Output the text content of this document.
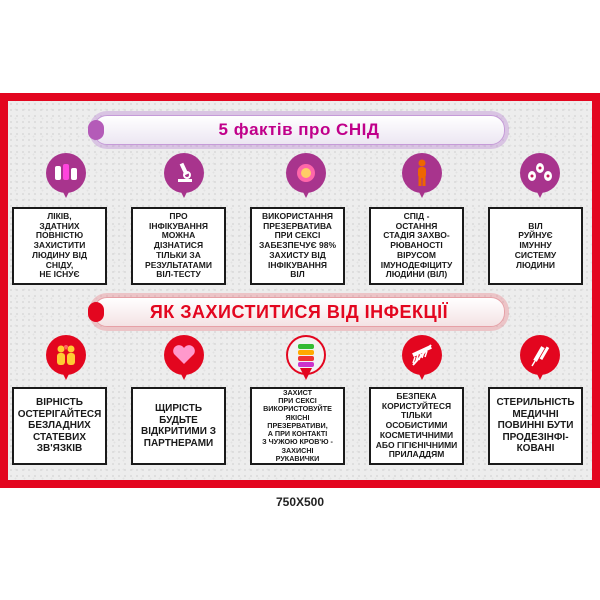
5 фактів про СНІД
ЛІКІВ,
ЗДАТНИХ
ПОВНІСТЮ
ЗАХИСТИТИ
ЛЮДИНУ ВІД
СНІДУ,
НЕ ІСНУЄ
ПРО
ІНФІКУВАННЯ
МОЖНА
ДІЗНАТИСЯ
ТІЛЬКИ ЗА
РЕЗУЛЬТАТАМИ
ВІЛ-ТЕСТУ
ВИКОРИСТАННЯ
ПРЕЗЕРВАТИВА
ПРИ СЕКСІ
ЗАБЕЗПЕЧУЄ 98%
ЗАХИСТУ ВІД
ІНФІКУВАННЯ
ВІЛ
СПІД -
ОСТАННЯ
СТАДІЯ ЗАХВО-
РЮВАНОСТІ
ВІРУСОМ
ІМУНОДЕФІЦИТУ
ЛЮДИНИ (ВІЛ)
ВІЛ
РУЙНУЄ
ІМУННУ
СИСТЕМУ
ЛЮДИНИ
ЯК ЗАХИСТИТИСЯ ВІД ІНФЕКЦІЇ
ВІРНІСТЬ
ОСТЕРІГАЙТЕСЯ
БЕЗЛАДНИХ
СТАТЕВИХ
ЗВ'ЯЗКІВ
ЩИРІСТЬ
БУДЬТЕ
ВІДКРИТИМИ З
ПАРТНЕРАМИ
ЗАХИСТ
ПРИ СЕКСІ
ВИКОРИСТОВУЙТЕ
ЯКІСНІ
ПРЕЗЕРВАТИВИ,
А ПРИ КОНТАКТІ
З ЧУЖОЮ КРОВ'Ю -
ЗАХИСНІ
РУКАВИЧКИ
БЕЗПЕКА
КОРИСТУЙТЕСЯ
ТІЛЬКИ
ОСОБИСТИМИ
КОСМЕТИЧНИМИ
АБО ГІГІЄНІЧНИМИ
ПРИЛАДДЯМ
СТЕРИЛЬНІСТЬ
МЕДИЧНІ
ПОВИННІ БУТИ
ПРОДЕЗІНФІ-
КОВАНІ
750X500
